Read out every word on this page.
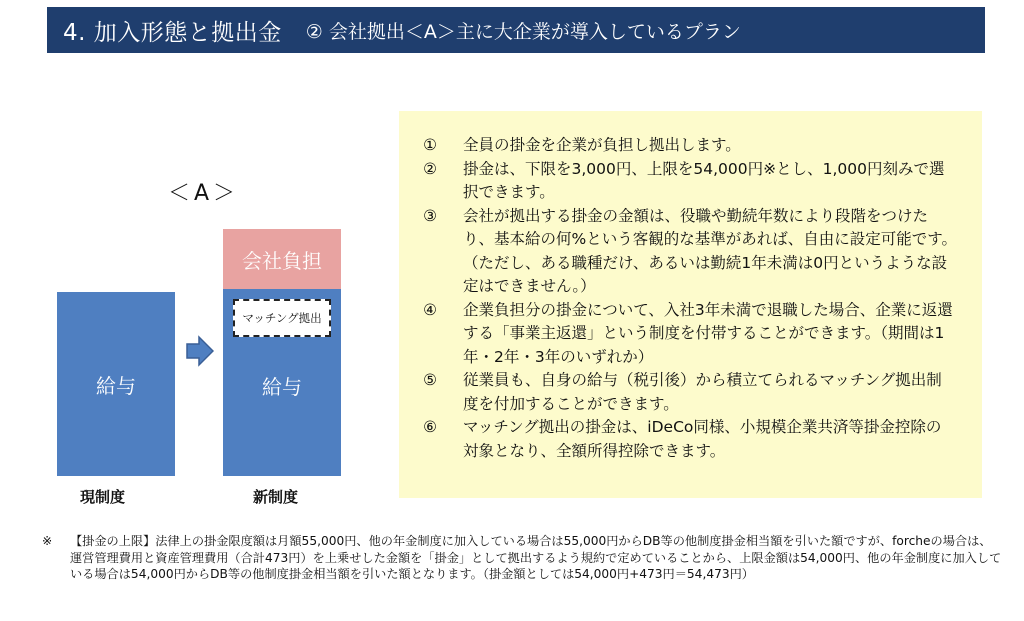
4. 加入形態と拠出金 ② 会社拠出＜A＞主に大企業が導入しているプラン
＜A＞
給与
会社負担
給与
マッチング拠出
現制度	新制度
①	全員の掛金を企業が負担し拠出します。
②	掛金は、下限を3,000円、上限を54,000円※とし、1,000円刻みで選択できます。
③	会社が拠出する掛金の金額は、役職や勤続年数により段階をつけたり、基本給の何%という客観的な基準があれば、自由に設定可能です。　（ただし、ある職種だけ、あるいは勤続1年未満は0円というような設定はできません。）
④	企業負担分の掛金について、入社3年未満で退職した場合、企業に返還する「事業主返還」という制度を付帯することができます。（期間は1年・2年・3年のいずれか）
⑤	従業員も、自身の給与（税引後）から積立てられるマッチング拠出制度を付加することができます。
⑥	マッチング拠出の掛金は、iDeCo同様、小規模企業共済等掛金控除の対象となり、全額所得控除できます。
※	【掛金の上限】法律上の掛金限度額は月額55,000円、他の年金制度に加入している場合は55,000円からDB等の他制度掛金相当額を引いた額ですが、forcheの場合は、運営管理費用と資産管理費用（合計473円）を上乗せした金額を「掛金」として拠出するよう規約で定めていることから、上限金額は54,000円、他の年金制度に加入している場合は54,000円からDB等の他制度掛金相当額を引いた額となります。（掛金額としては54,000円+473円＝54,473円）
